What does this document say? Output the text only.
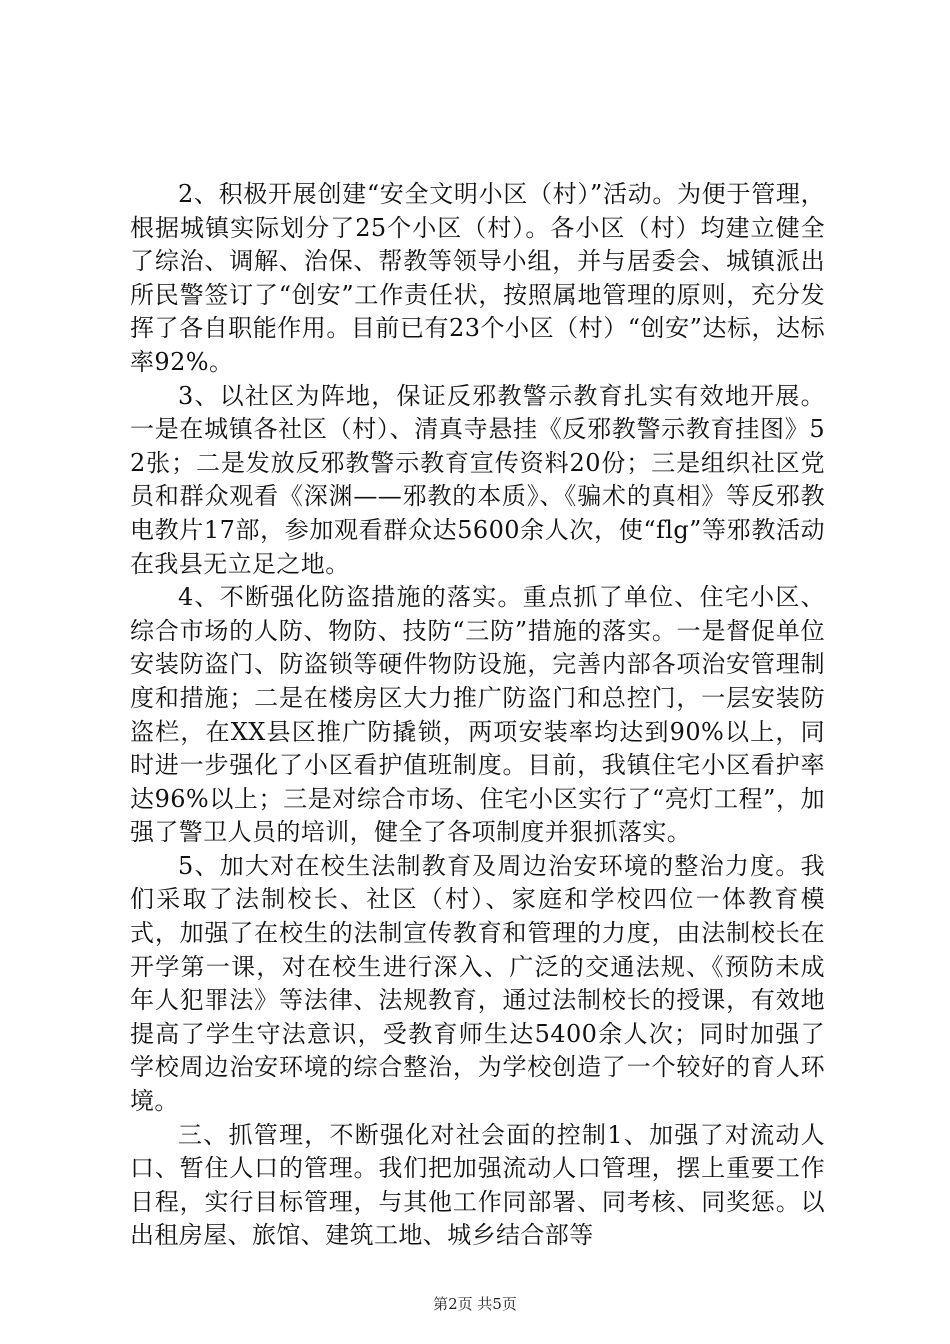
2、积极开展创建“安全文明小区（村）”活动。为便于管理，根据城镇实际划分了25个小区（村）。各小区（村）均建立健全了综治、调解、治保、帮教等领导小组，并与居委会、城镇派出所民警签订了“创安”工作责任状，按照属地管理的原则，充分发挥了各自职能作用。目前已有23个小区（村）“创安”达标，达标率92%。

3、以社区为阵地，保证反邪教警示教育扎实有效地开展。一是在城镇各社区（村）、清真寺悬挂《反邪教警示教育挂图》52张；二是发放反邪教警示教育宣传资料20份；三是组织社区党员和群众观看《深渊——邪教的本质》、《骗术的真相》等反邪教电教片17部，参加观看群众达5600余人次，使“flg”等邪教活动在我县无立足之地。

4、不断强化防盗措施的落实。重点抓了单位、住宅小区、综合市场的人防、物防、技防“三防”措施的落实。一是督促单位安装防盗门、防盗锁等硬件物防设施，完善内部各项治安管理制度和措施；二是在楼房区大力推广防盗门和总控门，一层安装防盗栏，在XX县区推广防撬锁，两项安装率均达到90%以上，同时进一步强化了小区看护值班制度。目前，我镇住宅小区看护率达96%以上；三是对综合市场、住宅小区实行了“亮灯工程”，加强了警卫人员的培训，健全了各项制度并狠抓落实。

5、加大对在校生法制教育及周边治安环境的整治力度。我们采取了法制校长、社区（村）、家庭和学校四位一体教育模式，加强了在校生的法制宣传教育和管理的力度，由法制校长在开学第一课，对在校生进行深入、广泛的交通法规、《预防未成年人犯罪法》等法律、法规教育，通过法制校长的授课，有效地提高了学生守法意识，受教育师生达5400余人次；同时加强了学校周边治安环境的综合整治，为学校创造了一个较好的育人环境。

三、抓管理，不断强化对社会面的控制1、加强了对流动人口、暂住人口的管理。我们把加强流动人口管理，摆上重要工作日程，实行目标管理，与其他工作同部署、同考核、同奖惩。以出租房屋、旅馆、建筑工地、城乡结合部等

第2页 共5页
